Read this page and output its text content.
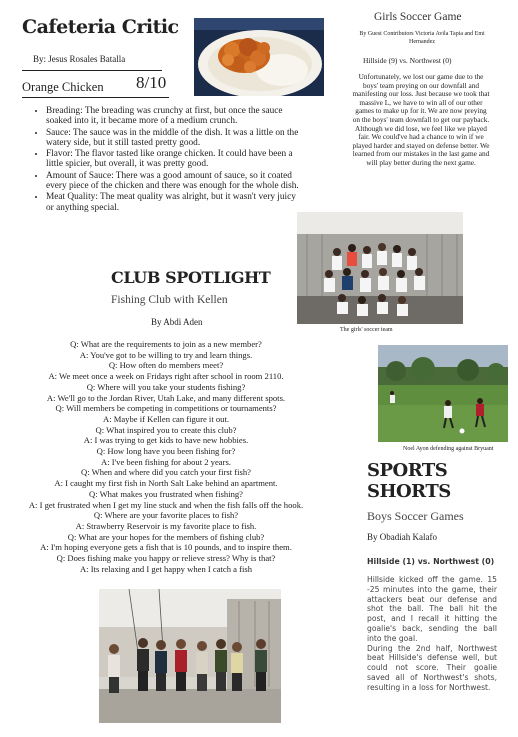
Cafeteria Critic
By: Jesus Rosales Batalla
Orange Chicken 8/10
• Breading: The breading was crunchy at first, but once the sauce soaked into it, it became more of a medium crunch.
• Sauce: The sauce was in the middle of the dish. It was a little on the watery side, but it still tasted pretty good.
• Flavor: The flavor tasted like orange chicken. It could have been a little spicier, but overall, it was pretty good.
• Amount of Sauce: There was a good amount of sauce, so it coated every piece of the chicken and there was enough for the whole dish.
• Meat Quality: The meat quality was alright, but it wasn't very juicy or anything special.
CLUB SPOTLIGHT
Fishing Club with Kellen
By Abdi Aden
Q: What are the requirements to join as a new member?
A: You've got to be willing to try and learn things.
Q: How often do members meet?
A: We meet once a week on Fridays right after school in room 2110.
Q: Where will you take your students fishing?
A: We'll go to the Jordan River, Utah Lake, and many different spots.
Q: Will members be competing in competitions or tournaments?
A: Maybe if Kellen can figure it out.
Q: What inspired you to create this club?
A: I was trying to get kids to have new hobbies.
Q: How long have you been fishing for?
A: I've been fishing for about 2 years.
Q: When and where did you catch your first fish?
A: I caught my first fish in North Salt Lake behind an apartment.
Q: What makes you frustrated when fishing?
A: I get frustrated when I get my line stuck and when the fish falls off the hook.
Q: Where are your favorite places to fish?
A: Strawberry Reservoir is my favorite place to fish.
Q: What are your hopes for the members of fishing club?
A: I'm hoping everyone gets a fish that is 10 pounds, and to inspire them.
Q: Does fishing make you happy or relieve stress? Why is that?
A: Its relaxing and I get happy when I catch a fish
Girls Soccer Game
By Guest Contributors Victoria Avila Tapia and Emi Hernandez
Hillside (9) vs. Northwest (0)
Unfortunately, we lost our game due to the boys' team preying on our downfall and manifesting our loss. Just because we took that massive L, we have to win all of our other games to make up for it. We are now preying on the boys' team downfall to get our payback. Although we did lose, we feel like we played fair. We could've had a chance to win if we played harder and stayed on defense better. We learned from our mistakes in the last game and will play better during the next game.
The girls' soccer team
Noel Ayon defending against Bryuant
SPORTS
SHORTS
Boys Soccer Games
By Obadiah Kalafo
Hillside (1) vs. Northwest (0)

Hillside kicked off the game. 15 -25 minutes into the game, their attackers beat our defense and shot the ball. The ball hit the post, and I recall it hitting the goalie's back, sending the ball into the goal.

During the 2nd half, Northwest beat Hillside's defense well, but could not score. Their goalie saved all of Northwest's shots, resulting in a loss for Northwest.
